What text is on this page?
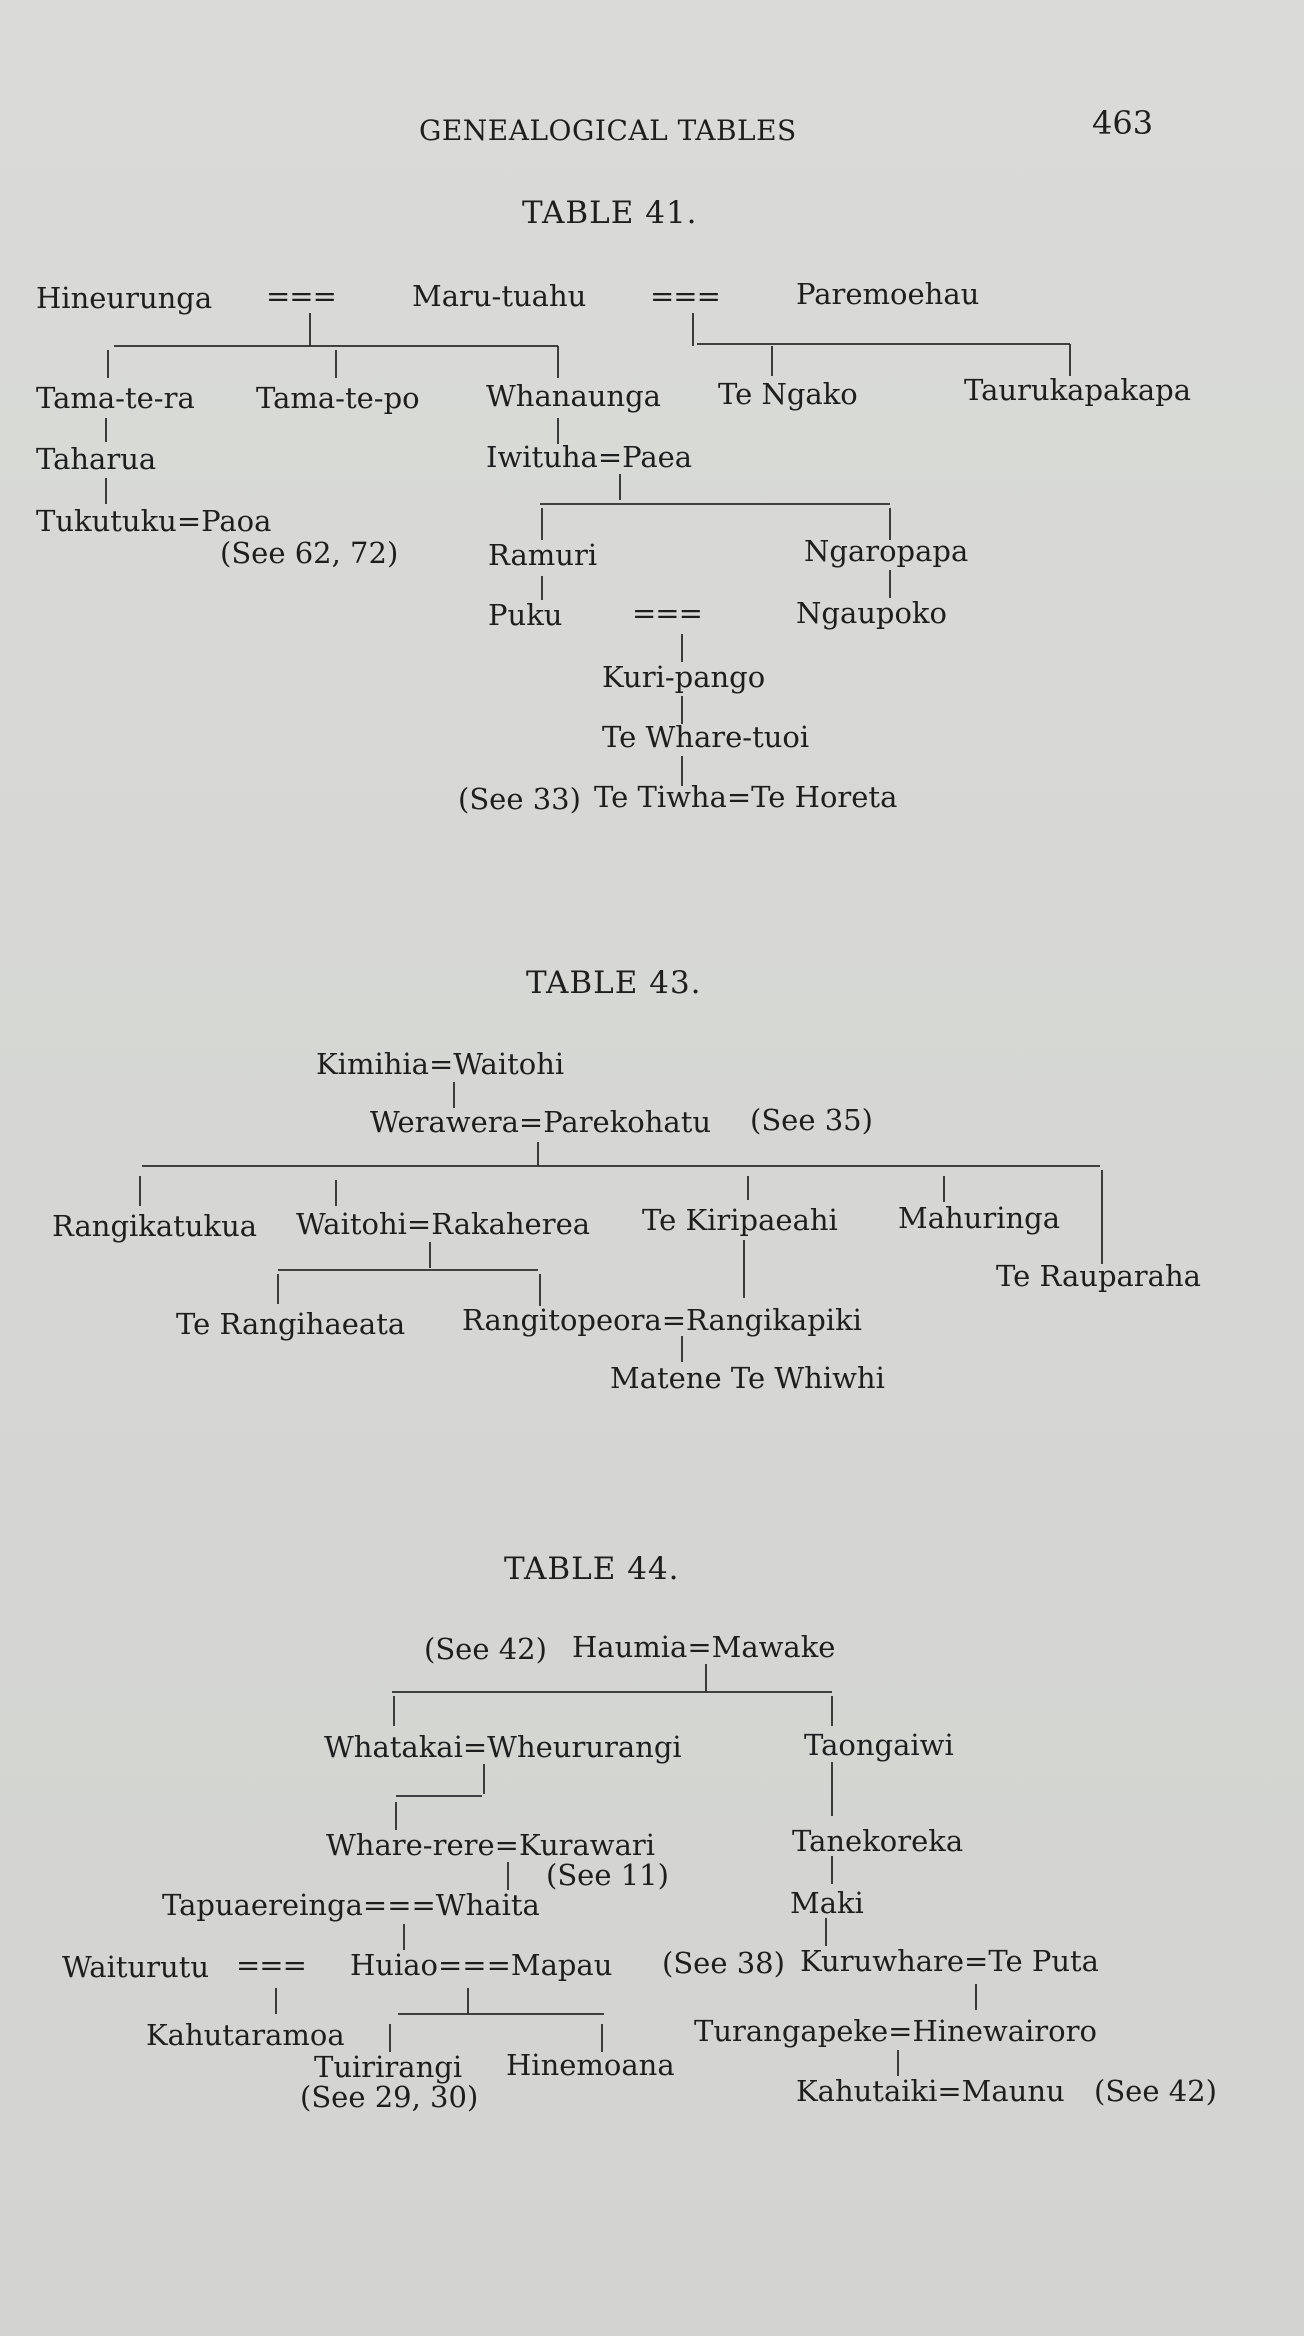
GENEALOGICAL TABLES	463
TABLE 41.
Hineurunga ===	Maru-tuahu ===	Paremoehau
Tama-te-ra Tama-te-po Whanaunga Te Ngako	Taurukapakapa
Taharua	Iwituha=Paea
Tukutuku=Paoa
(See 62, 72)	Ramuri	Ngaropapa
Puku ===	Ngaupoko
Kuri-pango
Te Whare-tuoi
(See 33) Te Tiwha=Te Horeta
TABLE 43.
Kimihia=Waitohi
Werawera=Parekohatu (See 35)
Rangikatukua Waitohi=Rakaherea Te Kiripaeahi Mahuringa
Te Rauparaha
Te Rangihaeata Rangitopeora=Rangikapiki
Matene Te Whiwhi
TABLE 44.
(See 42) Haumia=Mawake
Whatakai=Wheururangi	Taongaiwi
Whare-rere=Kurawari
(See 11)
Tanekoreka
Tapuaereinga===Whaita	Maki
Waiturutu === Huiao===Mapau (See 38) Kuruwhare=Te Puta
Kahutaramoa	Turangapeke=Hinewairoro
Tuirirangi Hinemoana
(See 29, 30)	Kahutaiki=Maunu (See 42)
